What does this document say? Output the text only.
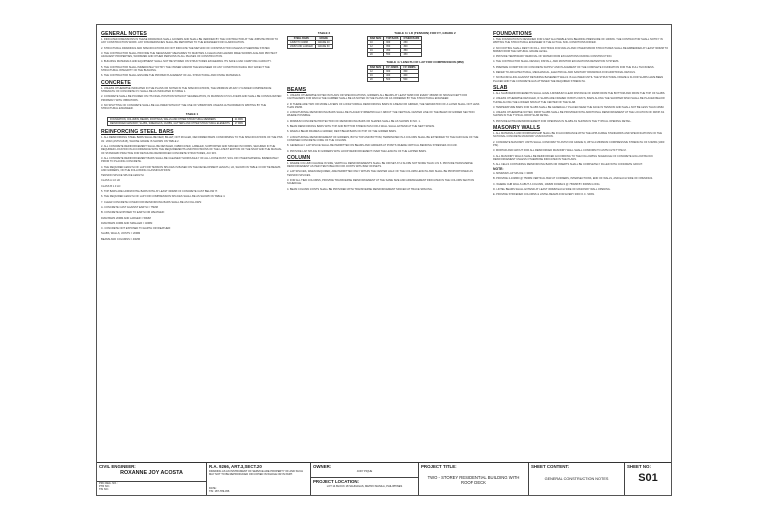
GENERAL NOTES
1. INDICATED DIMENSIONS IN THESE DRAWINGS SHALL GOVERN AND SHALL BE VERIFIED BY THE CONTRACTOR AT THE JOBSITE PRIOR TO ANY CONSTRUCTION WORK. ANY DISCREPANCIES SHALL BE REPORTED TO THE ENGINEER FOR CLARIFICATION.
2. STRUCTURAL DRAWINGS AND SPECIFICATIONS DO NOT INDICATE THE METHOD OF CONSTRUCTION UNLESS OTHERWISE STATED.
3. THE CONTRACTOR SHALL PROVIDE THE NECESSARY MEASURES TO MAINTAIN A CLEAN AND HAZARD FREE WORKPLACE AND PROTECT ADJACENT PROPERTIES, WORKMEN AND OTHER PERSONS IN ALL PHASES OF CONSTRUCTION.
4. BUILDING MATERIALS AND EQUIPMENT SHALL NOT BE STORED ON STRUCTURES EXCEEDING ITS SAFE LOAD CARRYING CAPACITY.
5. THE CONTRACTOR SHALL IMMEDIATELY NOTIFY THE OWNER AND/OR THE ENGINEER OF ANY CONDITION WHICH MAY AFFECT THE STRUCTURAL INTEGRITY OF THE BUILDING.
6. THE CONTRACTOR SHALL ENSURE THE PROPER PLACEMENT OF ALL STRUCTURAL AND FINISH MATERIALS.
CONCRETE
1. UNLESS OTHERWISE INDICATED IN THE PLANS OR NOTED IN THE SPECIFICATIONS, THE MINIMUM 28-DAY CYLINDER COMPRESSIVE STRENGTH OF CONCRETE F'C SHALL BE AS INDICATED IN TABLE 1.
2. CONCRETE SHALL BE POURED ON ITS FINAL POSITION WITHOUT SEGREGATION, IN MAXIMUM 0.5 M LAYERS AND SHALL BE CONSOLIDATED PROPERLY WITH VIBRATORS.
3. NO SPLITTING OF CONCRETE SHALL BE ALLOWED WITHOUT THE USE OF VIBRATORS UNLESS AUTHORIZED IN WRITING BY THE STRUCTURAL ENGINEER.
TABLE 1
FOUNDATION, COLUMNS, BEAMS, FOOTINGS, WALLS AND OTHER STRUCTURAL MEMBERS	21 MPA
REINFORCED MASONRY, SLABS, SIDEWALKS, CURBS, GUTTERS AND OTHER STRUCTURAL ELEMENTS	17 MPA
REINFORCING STEEL BARS
1. ALL REINFORCING STEEL BARS SHALL BE NEW, BILLET, NOT ROLLED, DEFORMED BARS CONFORMING TO THE SPECIFICATIONS OF THE PNS 49 : 2002 (ASTM A615), WHOSE GRADE IS SHOWN ON TABLE 2.
2. ALL CONCRETE REINFORCEMENT SHALL BE DETAILED, FABRICATED, LABELED, SUPPORTED AND SPACED IN FORMS, SECURED IN THE REQUIRED LOCATION IN ACCORDANCE WITH THE REQUIREMENTS AND PROVISIONS OF THE LATEST EDITION OF THE NSCP AND THE MANUAL OF STANDARD PRACTICE FOR DETAILING REINFORCED CONCRETE STRUCTURES, ACI 315.
3. ALL CONCRETE REINFORCEMENT BARS SHALL BE CLEANED THOROUGHLY OF ALL LOOSE RUST, SOIL OR OTHER MATERIAL IMMEDIATELY PRIOR TO PLACING CONCRETE.
4. THE REQUIRED LENGTH OF LAP FOR TENSION SPLICES IS BASED ON THE DEVELOPMENT LENGTH, LD, SHOWN IN TABLE 3 FOR TIE BEAMS AND GIRDERS, ON THE FOLLOWING CLASSIFICATIONS:
TENSION SPLICE SPLICE LENGTH
CLASS A 1.0 LD
CLASS B 1.3 LD
5. TOP BARS ARE HORIZONTAL BARS WITH AT LEAST 300MM OF CONCRETE CAST BELOW IT.
6. THE REQUIRED LENGTH OF LAP FOR COMPRESSION SPLICES SHALL BE AS SHOWN IN TABLE 4.
7. CLEAR CONCRETE COVER FOR REINFORCING BARS SHALL BE AS FOLLOWS:
A. CONCRETE CAST AGAINST EARTH = 75MM
B. CONCRETE EXPOSED TO EARTH OR WEATHER:
DIAM BARS 20MM AND LARGER = 50MM
DIAM BARS 16MM AND SMALLER = 40MM
C. CONCRETE NOT EXPOSED TO EARTH OR WEATHER:
SLABS, WALLS, JOISTS = 20MM
BEAMS AND COLUMNS = 40MM
TABLE 2
STEEL BARS	GRADE
12MM TO 16MM	GRADE 40
20MM AND LARGER	GRADE 60
TABLE 3 / LD (TENSION) FOR FY, GRADE 2
BAR SIZE	TOP BARS	OTHER BARS
10	300	250
12	350	300
16	450	350
20	550	450
TABLE 4 / LENGTH OF LAP FOR COMPRESSION (MM)
BAR SIZE	FC' 21MPA	FC' 28MPA
12	300	300
16	400	400
20	500	500
BEAMS
1. UNLESS OTHERWISE NOTED IN PLANS OR SPECIFICATIONS, GIRDERS ALL BEAMS AT LEAST 6MM FOR EVERY 450MM OF SPAN EXCEPT FOR CANTILEVERS FOR WHICH THE CAMBER SHALL BE AS NOTED IN THE PLANS OR AS ORDERED BY THE STRUCTURAL ENGINEER.
2. IF THERE ARE TWO OR MORE LAYERS OF LONGITUDINAL REINFORCING BARS IN A BEAM OR GIRDER, THE SEPARATION OF A LAYER SHALL NOT LESS THAN 25MM.
3. LONGITUDINAL REINFORCING BARS SHALL BE PLACED SYMMETRICALLY ABOUT THE VERTICAL CENTER LINE OF THE BEAM OR GIRDER SECTION WHERE POSSIBLE.
4. MINIMUM CONCRETE PROTECTION OF REINFORCING BARS OR SHAPES SHALL BE AS SHOWN IN NO. 1.
5. BEAM REINFORCING BARS WITH TOP AND BOTTOM STRENGTHS FOR A WALL SHALL EXTEND AT THE NEXT SPANS.
6. WHEN A BEAM FRAMES A GIRDER, REST BEAM BARS ON TOP OF THE GIRDER BARS.
7. LONGITUDINAL REINFORCEMENT OF GIRDERS, BOTH TOP AND BOTTOM, TERMINATED IN A COLUMN SHALL BE EXTENDED TO THE FAR FACE OF THE CONFINED CONCRETE CORE OF THE COLUMN.
8. GENERALLY LAP SPLICE SHALL BE PERMITTED ON BEAMS AND GIRDERS AT POINTS WHERE CRITICAL BENDING STRESSES OCCUR.
9. PROVIDE LAP SPLICE IN GIRDERS WITH HOOP REINFORCEMENT OVER THE LENGTH OF THE LAPPED BARS.
COLUMN
1. WHERE COLUMN CHANGE IN SIZE, VERTICAL REINFORCEMENTS SHALL BE OFFSET AT A SLOPE NOT MORE THAN 1 IN 6. PROVIDE TRANSVERSE REINFORCEMENT AS PER ITEM 5 BELOW FOR JOINTS WITH BAR OFFSETS.
2. LAP SPLICES, WHEN REQUIRED, ARE PERMITTED ONLY WITHIN THE CENTER HALF OF THE COLUMN LENGTH AND SHALL BE PROPORTIONED AS TENSION SPLICES.
3. FOR ALL TIED COLUMNS, PROVIDE TRANSVERSE REINFORCEMENT AT THE SAME SIZE AND ARRANGEMENT INDICATED IN THE COLUMN SECTION SCHEDULE.
4. BEAM COLUMN JOINTS SHALL BE PROVIDED WITH TRANSVERSE REINFORCEMENT SPACED AT TRACE SPACING.
FOUNDATIONS
1. THE FOUNDATION IS DESIGNED FOR A NET ALLOWABLE SOIL BEARING PRESSURE OF 100KPA. THE CONTRACTOR SHALL NOTIFY IN WRITING THE STRUCTURAL ENGINEER IF THE ACTUAL SOIL CONDITIONS DIFFER.
2. NO FOOTING SHALL REST ON FILL. FOOTINGS FOR WALLS AND OTHER MINOR STRUCTURES SHALL BE EMBEDDED AT LEAST 600MM TO 800MM FROM THE NATURAL GRADE LEVEL.
3. PROVIDE TEMPORARY REMOVAL OF WATER FROM EXCAVATIONS DURING CONSTRUCTION.
4. THE CONTRACTOR SHALL DESIGN, INSTALL, AND MONITOR EXCAVATIONS RETENTION SYSTEMS.
5. PREPARE CONDITION OF CONCRETE SUPPLY AND PLACEMENT OF THE COMPLETE FOUNDATION FOR THE FULL THICKNESS.
6. REFER TO ARCHITECTURAL, MECHANICAL, ELECTRICAL AND SANITARY DRAWINGS FOR ADDITIONAL DETAILS.
7. NO BACKFILLING AGAINST RETAINING BASEMENT WALLS IS ALLOWED UNTIL THE STRUCTURAL FRAME & FLOOR SLABS HAVE BEEN PLACED AND THE CONCRETE HAS ATTAINED THE REQUIRED STRENGTH.
SLAB
1. ALL SLAB REINFORCEMENTS SHALL HAVE A MINIMUM CLEAR DISTANCE OF 20MM FROM THE BOTTOM AND FROM THE TOP OF SLABS.
2. UNLESS OTHERWISE DETAILED, IF SLABS ARE FRAMED IN BOTH WAYS, BARS ALONG THE SHORTER SPAN SHALL BE PLACED BELOW THOSE ALONG THE LONGER SPAN AT THE CENTER OF THE SLAB.
3. TEMPERATURE BARS FOR SLABS SHALL BE GENERALLY PLACED NEAR THE FACE IN TENSION AND SHALL NOT BE LESS THAN 10MM.
4. UNLESS OTHERWISE NOTED, DROP SLABS SHALL BE PROVIDED WITH ADDITIONAL REINFORCEMENT AT THE LOCATION OF DROP AS SHOWN IN THE TYPICAL DROP SLAB DETAIL.
5. PROVIDE EXTRA REINFORCEMENT FOR OPENINGS IN SLABS AS SHOWN IN THE TYPICAL OPENING DETAIL.
MASONRY WALLS
1. ALL MATERIALS AND WORKMANSHIP SHALL BE IN ACCORDANCE WITH THE APPLICABLE STANDARDS AND SPECIFICATIONS OF THE NATIONAL CONCRETE MASONRY ASSOCIATION.
2. CONCRETE MASONRY UNITS SHALL CONFORM TO ASTM C90 GRADE N, WITH A MINIMUM COMPRESSIVE STRENGTH OF 6.9MPA (1000 PSI).
3. MORTAR AND GROUT FOR ALL REINFORCED MASONRY WALL SHALL CONFORM TO ASTM C270 TYPE M.
4. ALL MASONRY WALLS SHALL BE REINFORCED ACCORDING TO THE FOLLOWING SCHEDULE OF CONCRETE HOLLOW BLOCK REINFORCEMENT UNLESS OTHERWISE INDICATED IN THE PLANS.
5. ALL CELLS CONTAINING REINFORCING BARS OR INSERTS SHALL BE COMPLETELY FILLED WITH CONCRETE GROUT.
NOTE:
A. MINIMUM LAP SPLICE = 30DB
B. PROVIDE 2-10MM0 @ 750MM VERTICAL BAR AT CORNERS, INTERSECTIONS, END OF WALLS, AND EACH SIDE OF OPENINGS.
C. WHERE CHB WALLS ABUT A COLUMN, 10MM0 DOWELS @ 750MM BY 600MM LONG.
D. LINTEL BEAMS SHALL EXTEND AT LEAST 300MM EACH SIDE OF MASONRY WALL OPENING.
E. PROVIDE STIFFENER COLUMNS & LINTEL BEAMS FOR EVERY 3000 O.C. SPAN.
CIVIL ENGINEER:
ROXANNE JOY ACOSTA
PRC REG. NO.:
PTR NO.:
TIN NO.:
R.A. 9266, ART.3,SECT.20
DRAWING AS AN INSTRUMENT OF SERVICE ARE PROPERTY OF AND SUCH MAY NOT TO BE REPRODUCED OR COPIED IN WHOLE OR IN PART.
DATE:
TIN: 187-789-456
OWNER:
JUDY PIQUE
PROJECT LOCATION:
LOT 14 BLOCK 18 SAUDAGAS, METRO MANILA, PHILIPPINES
PROJECT TITLE:
TWO - STOREY RESIDENTIAL BUILDING WITH ROOF DECK
SHEET CONTENT:
GENERAL CONSTRUCTION NOTES
SHEET NO:
S01
